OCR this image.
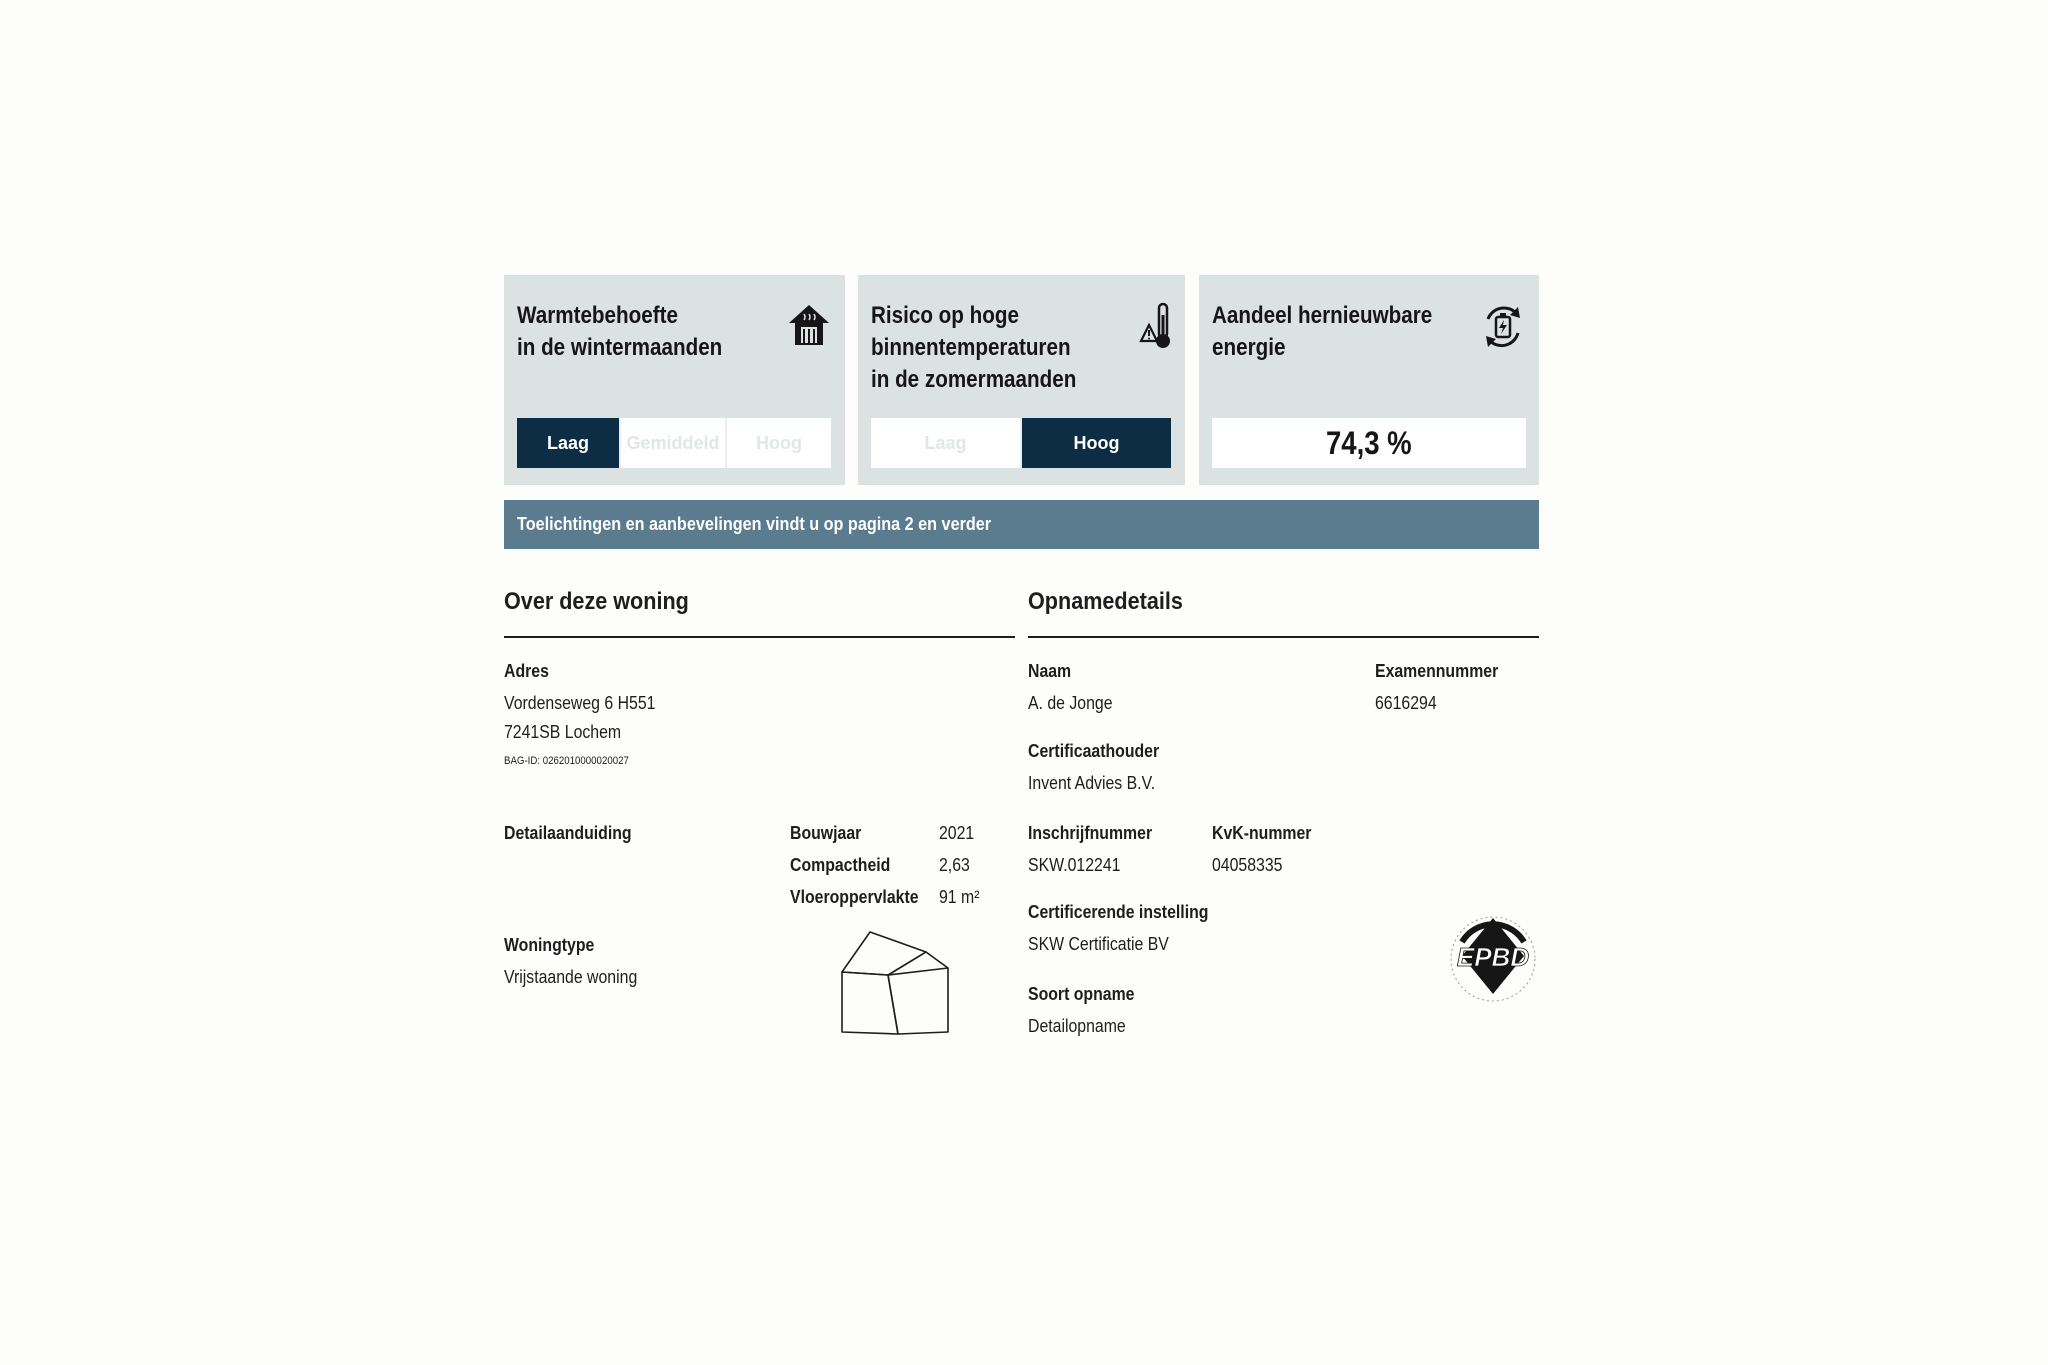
Warmtebehoefte
in de wintermaanden
Laag	Gemiddeld	Hoog
Risico op hoge
binnentemperaturen
in de zomermaanden
Laag	Hoog
Aandeel hernieuwbare
energie
74,3 %
Toelichtingen en aanbevelingen vindt u op pagina 2 en verder
Over deze woning
Adres
Vordenseweg 6 H551
7241SB Lochem
BAG-ID: 0262010000020027
Detailaanduiding	Bouwjaar	2021
Compactheid	2,63
Vloeroppervlakte 91 m²
Woningtype
Vrijstaande woning
Opnamedetails
Naam
A. de Jonge
Examennummer
6616294
Certificaathouder
Invent Advies B.V.
Inschrijfnummer
SKW.012241
KvK-nummer
04058335
Certificerende instelling
SKW Certificatie BV
Soort opname
Detailopname
EPBD
